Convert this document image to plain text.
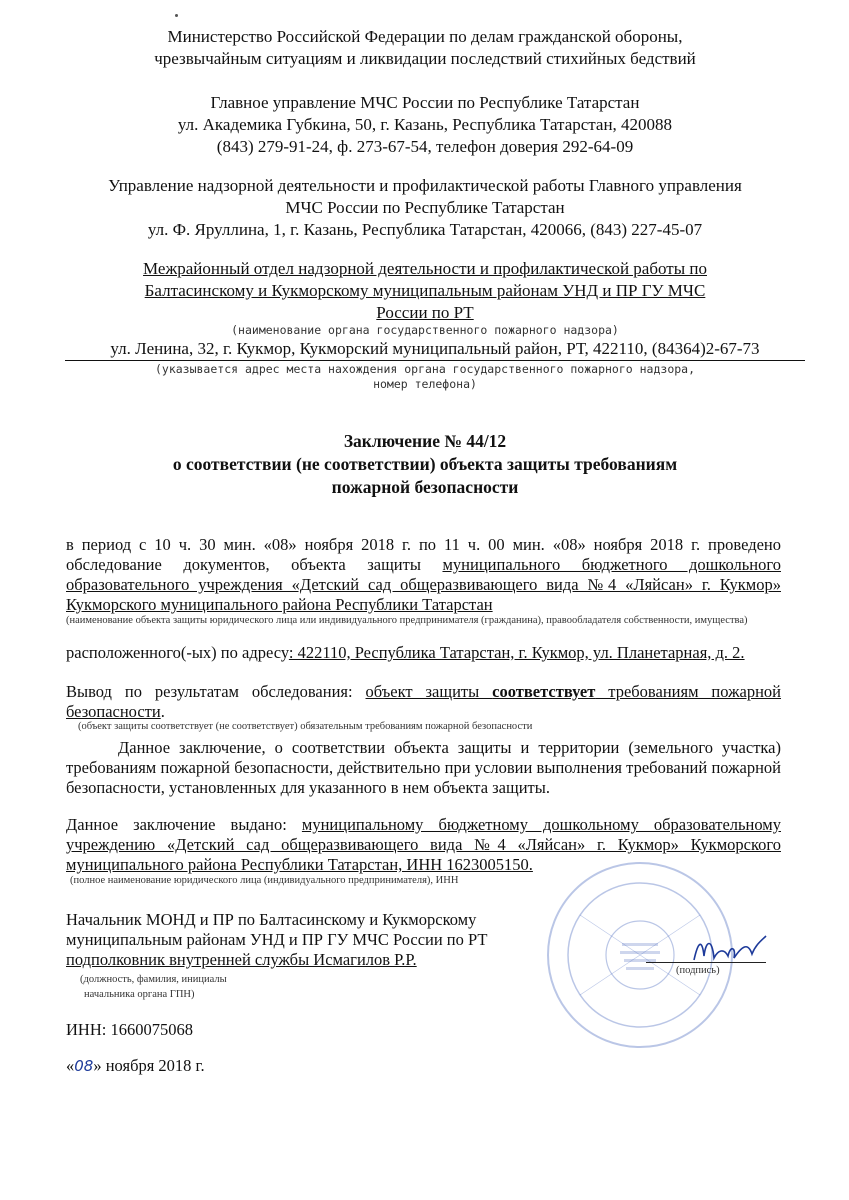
Министерство Российской Федерации по делам гражданской обороны,
чрезвычайным ситуациям и ликвидации последствий стихийных бедствий
Главное управление МЧС России по Республике Татарстан
ул. Академика Губкина, 50, г. Казань, Республика Татарстан, 420088
(843) 279-91-24, ф. 273-67-54, телефон доверия 292-64-09
Управление надзорной деятельности и профилактической работы Главного управления
МЧС России по Республике Татарстан
ул. Ф. Яруллина, 1, г. Казань, Республика Татарстан, 420066, (843) 227-45-07
Межрайонный отдел надзорной деятельности и профилактической работы по
Балтасинскому и Кукморскому муниципальным районам УНД и ПР ГУ МЧС
России по РТ
(наименование органа государственного пожарного надзора)
ул. Ленина, 32, г. Кукмор, Кукморский муниципальный район, РТ, 422110, (84364)2-67-73
(указывается адрес места нахождения органа государственного пожарного надзора,
номер телефона)
Заключение № 44/12
о соответствии (не соответствии) объекта защиты требованиям
пожарной безопасности
в период с 10 ч. 30 мин. «08» ноября 2018 г. по 11 ч. 00 мин. «08» ноября 2018 г. проведено обследование документов, объекта защиты муниципального бюджетного дошкольного образовательного учреждения «Детский сад общеразвивающего вида №4 «Ляйсан» г. Кукмор» Кукморского муниципального района Республики Татарстан
(наименование объекта защиты юридического лица или индивидуального предпринимателя (гражданина), правообладателя собственности, имущества)
расположенного(-ых) по адресу: 422110, Республика Татарстан, г. Кукмор, ул. Планетарная, д. 2.
Вывод по результатам обследования: объект защиты соответствует требованиям пожарной безопасности.
(объект защиты соответствует (не соответствует) обязательным требованиям пожарной безопасности
Данное заключение, о соответствии объекта защиты и территории (земельного участка) требованиям пожарной безопасности, действительно при условии выполнения требований пожарной безопасности, установленных для указанного в нем объекта защиты.
Данное заключение выдано: муниципальному бюджетному дошкольному образовательному учреждению «Детский сад общеразвивающего вида №4 «Ляйсан» г. Кукмор» Кукморского муниципального района Республики Татарстан, ИНН 1623005150.
(полное наименование юридического лица (индивидуального предпринимателя), ИНН
Начальник МОНД и ПР по Балтасинскому и Кукморскому
муниципальным районам УНД и ПР ГУ МЧС России по РТ
подполковник внутренней службы Исмагилов Р.Р.
(подпись)
(должность, фамилия, инициалы
начальника органа ГПН)
ИНН: 1660075068
«08» ноября 2018 г.
